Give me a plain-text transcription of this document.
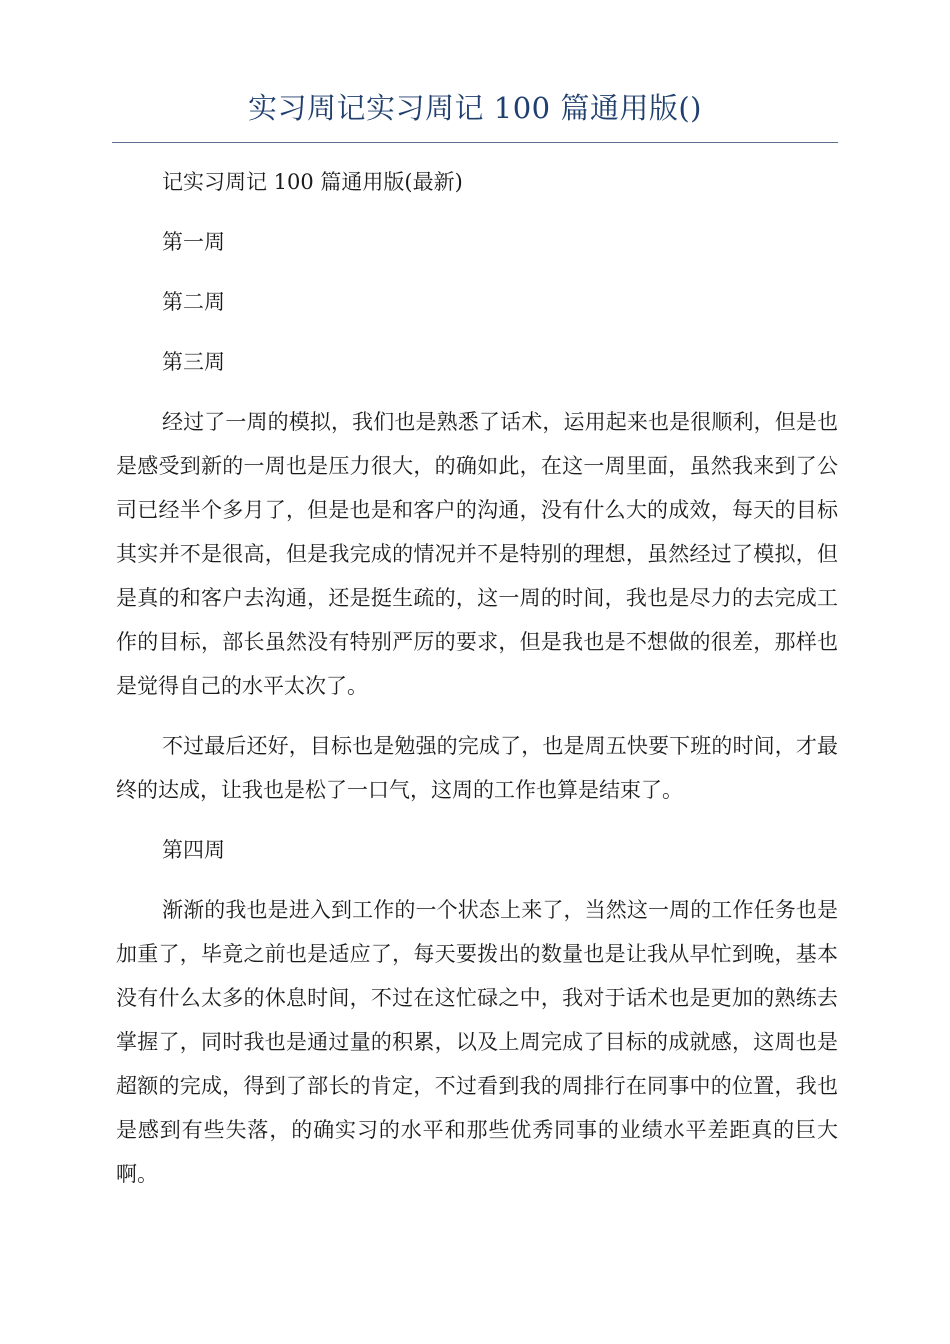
实习周记实习周记 100 篇通用版()

记实习周记 100 篇通用版(最新)

第一周

第二周

第三周

经过了一周的模拟，我们也是熟悉了话术，运用起来也是很顺利，但是也是感受到新的一周也是压力很大，的确如此，在这一周里面，虽然我来到了公司已经半个多月了，但是也是和客户的沟通，没有什么大的成效，每天的目标其实并不是很高，但是我完成的情况并不是特别的理想，虽然经过了模拟，但是真的和客户去沟通，还是挺生疏的，这一周的时间，我也是尽力的去完成工作的目标，部长虽然没有特别严厉的要求，但是我也是不想做的很差，那样也是觉得自己的水平太次了。

不过最后还好，目标也是勉强的完成了，也是周五快要下班的时间，才最终的达成，让我也是松了一口气，这周的工作也算是结束了。

第四周

渐渐的我也是进入到工作的一个状态上来了，当然这一周的工作任务也是加重了，毕竟之前也是适应了，每天要拨出的数量也是让我从早忙到晚，基本没有什么太多的休息时间，不过在这忙碌之中，我对于话术也是更加的熟练去掌握了，同时我也是通过量的积累，以及上周完成了目标的成就感，这周也是超额的完成，得到了部长的肯定，不过看到我的周排行在同事中的位置，我也是感到有些失落，的确实习的水平和那些优秀同事的业绩水平差距真的巨大啊。
